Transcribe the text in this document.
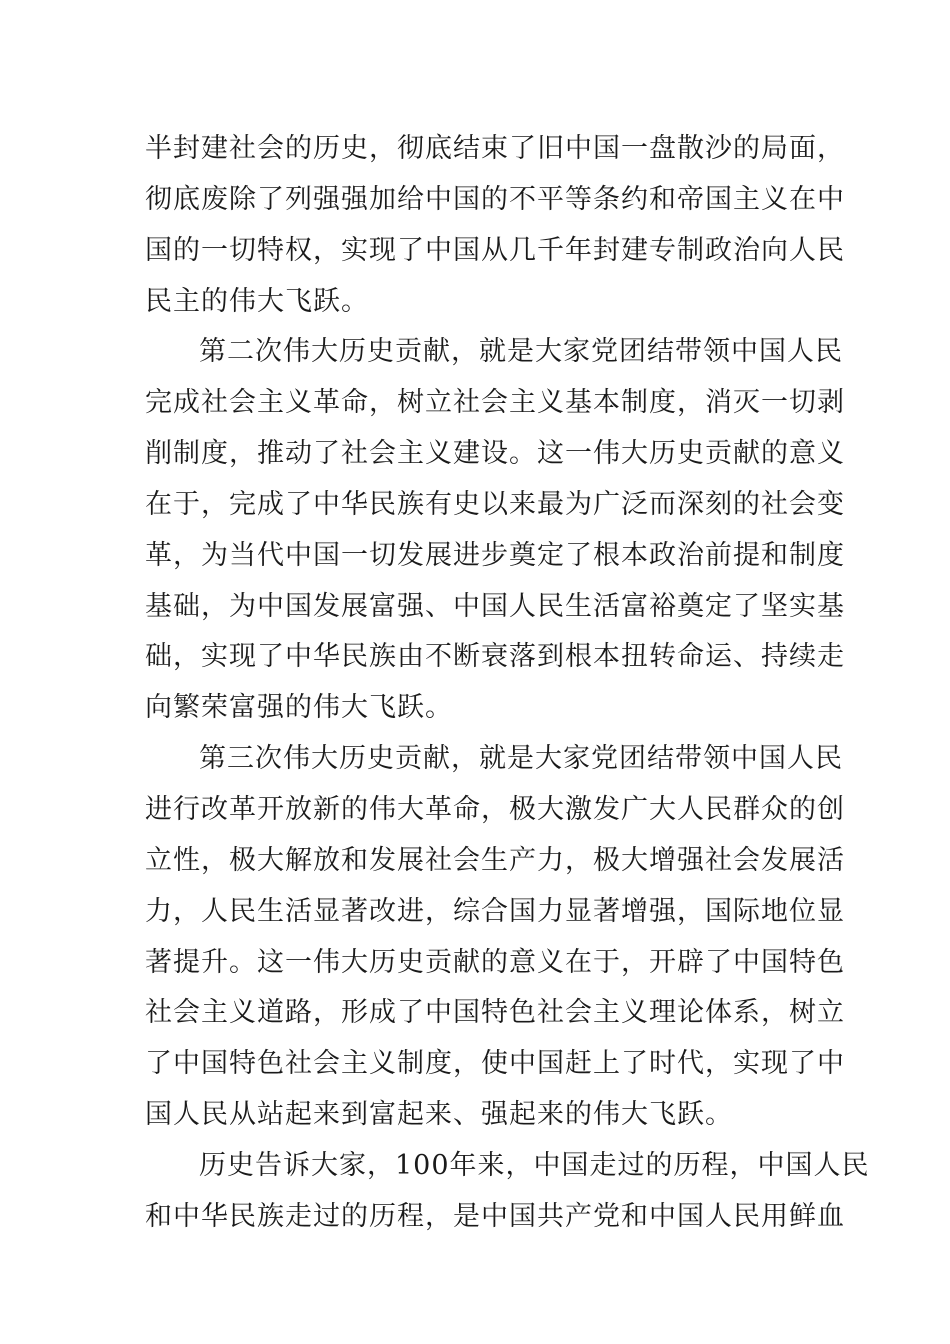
半封建社会的历史，彻底结束了旧中国一盘散沙的局面，
彻底废除了列强强加给中国的不平等条约和帝国主义在中
国的一切特权，实现了中国从几千年封建专制政治向人民
民主的伟大飞跃。
第二次伟大历史贡献，就是大家党团结带领中国人民
完成社会主义革命，树立社会主义基本制度，消灭一切剥
削制度，推动了社会主义建设。这一伟大历史贡献的意义
在于，完成了中华民族有史以来最为广泛而深刻的社会变
革，为当代中国一切发展进步奠定了根本政治前提和制度
基础，为中国发展富强、中国人民生活富裕奠定了坚实基
础，实现了中华民族由不断衰落到根本扭转命运、持续走
向繁荣富强的伟大飞跃。
第三次伟大历史贡献，就是大家党团结带领中国人民
进行改革开放新的伟大革命，极大激发广大人民群众的创
立性，极大解放和发展社会生产力，极大增强社会发展活
力，人民生活显著改进，综合国力显著增强，国际地位显
著提升。这一伟大历史贡献的意义在于，开辟了中国特色
社会主义道路，形成了中国特色社会主义理论体系，树立
了中国特色社会主义制度，使中国赶上了时代，实现了中
国人民从站起来到富起来、强起来的伟大飞跃。
历史告诉大家，100年来，中国走过的历程，中国人民
和中华民族走过的历程，是中国共产党和中国人民用鲜血
